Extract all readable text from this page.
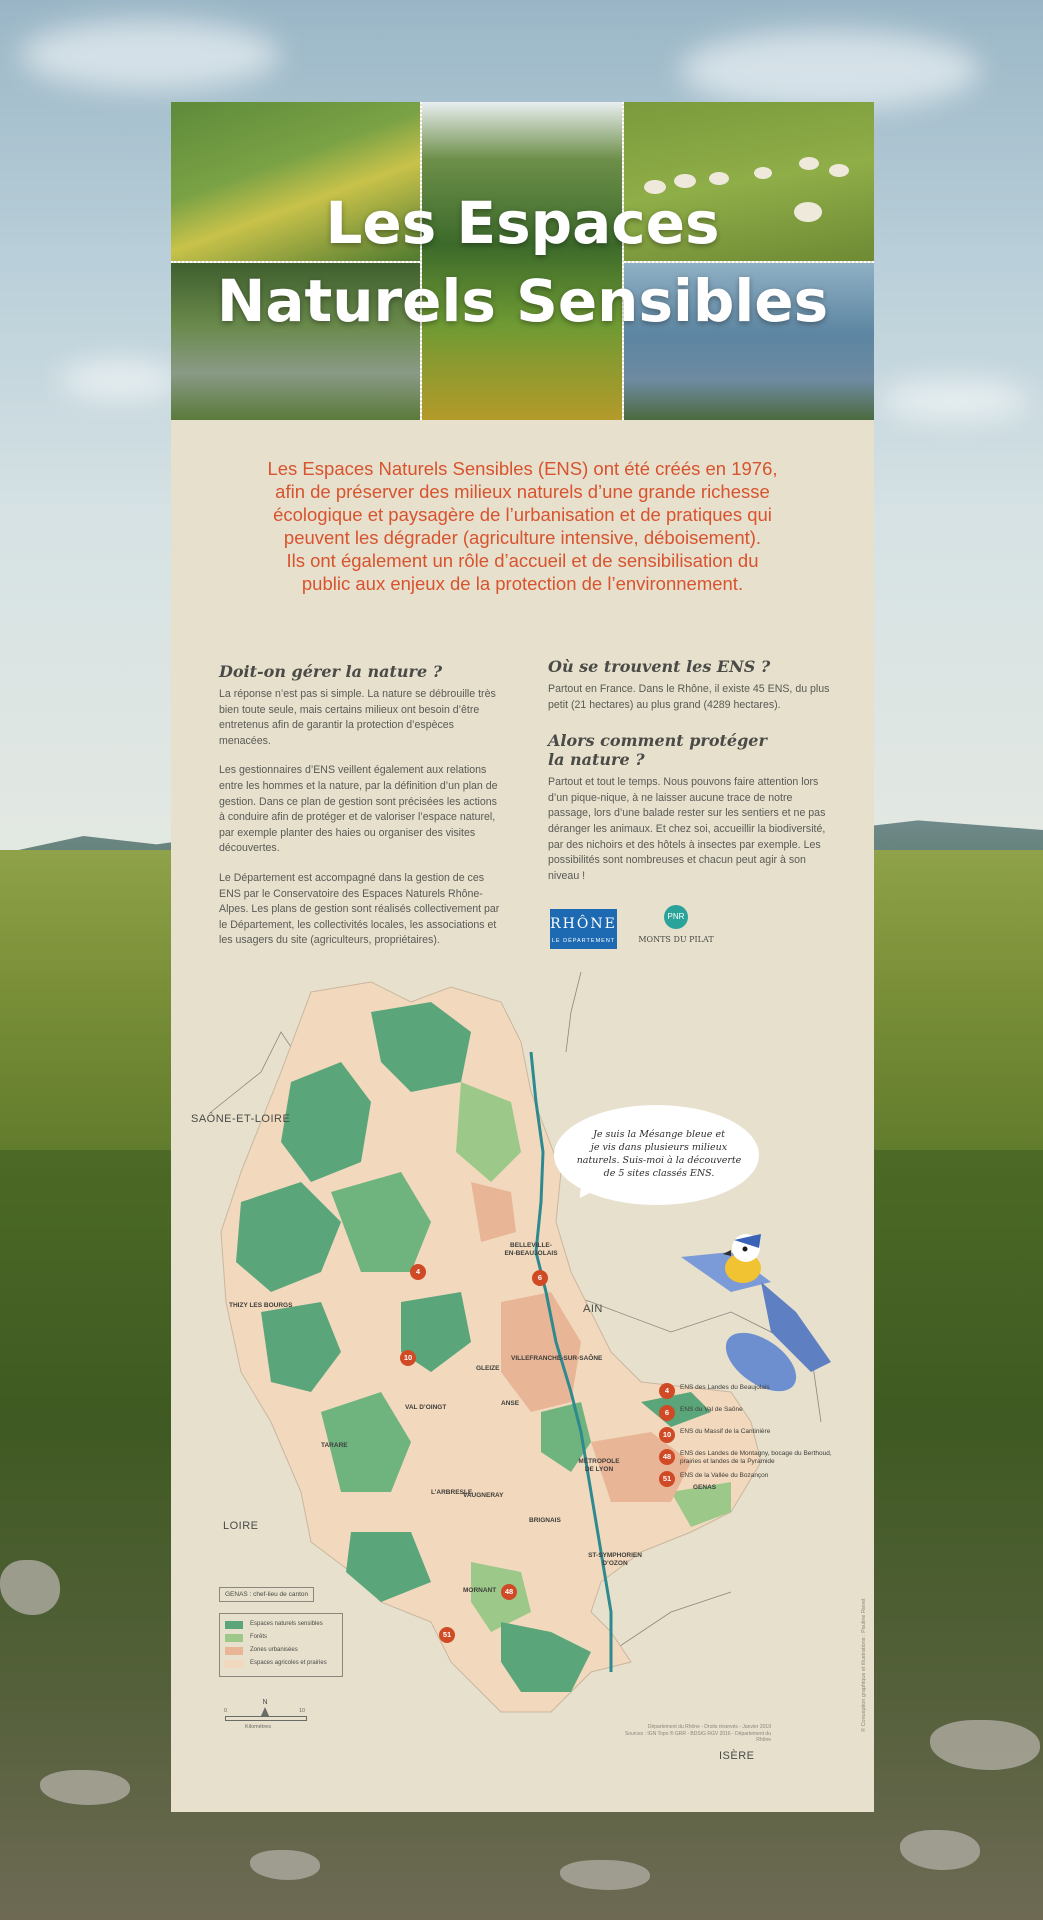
Les Espaces
Naturels Sensibles
Les Espaces Naturels Sensibles (ENS) ont été créés en 1976,
afin de préserver des milieux naturels d’une grande richesse
écologique et paysagère de l’urbanisation et de pratiques qui
peuvent les dégrader (agriculture intensive, déboisement).
Ils ont également un rôle d’accueil et de sensibilisation du
public aux enjeux de la protection de l’environnement.
Doit-on gérer la nature ?

La réponse n’est pas si simple. La nature se débrouille très bien toute seule, mais certains milieux ont besoin d’être entretenus afin de garantir la protection d’espèces menacées.

Les gestionnaires d’ENS veillent également aux relations entre les hommes et la nature, par la définition d’un plan de gestion. Dans ce plan de gestion sont précisées les actions à conduire afin de protéger et de valoriser l’espace naturel, par exemple planter des haies ou organiser des visites découvertes.

Le Département est accompagné dans la gestion de ces ENS par le Conservatoire des Espaces Naturels Rhône-Alpes. Les plans de gestion sont réalisés collectivement par le Département, les collectivités locales, les associations et les usagers du site (agriculteurs, propriétaires).

Où se trouvent les ENS ?

Partout en France. Dans le Rhône, il existe 45 ENS, du plus petit (21 hectares) au plus grand (4289 hectares).

Alors comment protéger
la nature ?

Partout et tout le temps. Nous pouvons faire attention lors d’un pique-nique, à ne laisser aucune trace de notre passage, lors d’une balade rester sur les sentiers et ne pas déranger les animaux. Et chez soi, accueillir la biodiversité, par des nichoirs et des hôtels à insectes par exemple. Les possibilités sont nombreuses et chacun peut agir à son niveau !

RHÔNE
LE DÉPARTEMENT
PNR
MONTS DU PILAT
SAÔNE-ET-LOIRE
AIN
LOIRE
ISÈRE
BELLEVILLE-
EN-BEAUJOLAIS
THIZY LES BOURGS
VILLEFRANCHE-SUR-SAÔNE
GLEIZE
VAL D’OINGT
ANSE
TARARE
L’ARBRESLE
MÉTROPOLE
DE LYON
GENAS
VAUGNERAY
BRIGNAIS
ST-SYMPHORIEN
D’OZON
MORNANT
4
6
10
48
51
Je suis la Mésange bleue et
je vis dans plusieurs milieux
naturels. Suis-moi à la découverte
de 5 sites classés ENS.
4	ENS des Landes du Beaujolais
6	ENS du Val de Saône
10	ENS du Massif de la Cantinière
48	ENS des Landes de Montagny, bocage du Berthoud, prairies et landes de la Pyramide
51	ENS de la Vallée du Bozançon
GENAS : chef-lieu de canton
Espaces naturels sensibles
Forêts
Zones urbanisées
Espaces agricoles et prairies
N
0	10
Kilomètres	Département du Rhône - Droits réservés - Janvier 2019
Sources : IGN Topo ® GRR - BDSIG RGV 2016 - Département du Rhône
© Conception graphique et illustrations : Pauline Renet
